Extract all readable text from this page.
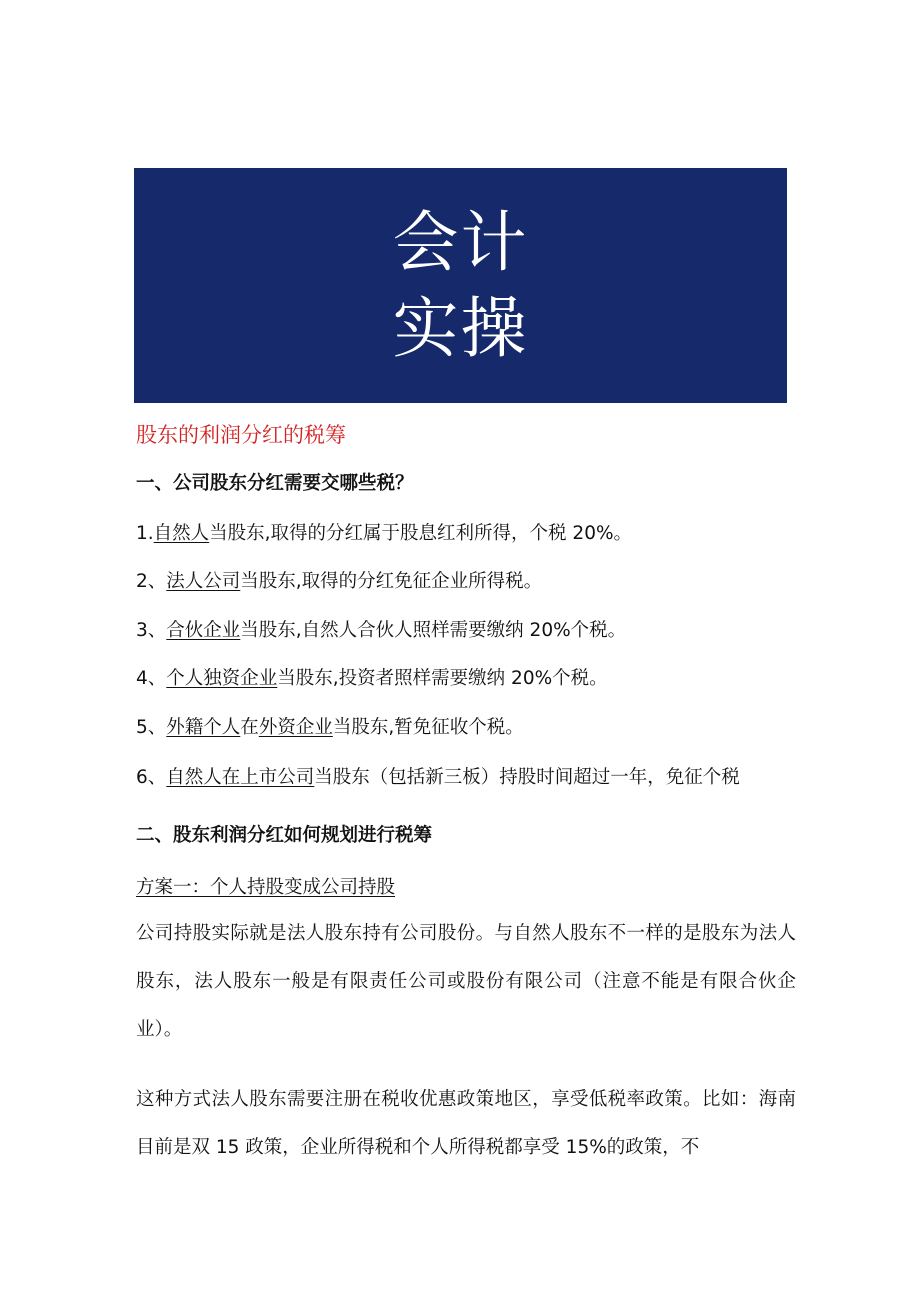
会计
实操
股东的利润分红的税筹
一、公司股东分红需要交哪些税？
1.自然人当股东,取得的分红属于股息红利所得，个税 20%。
2、法人公司当股东,取得的分红免征企业所得税。
3、合伙企业当股东,自然人合伙人照样需要缴纳 20%个税。
4、个人独资企业当股东,投资者照样需要缴纳 20%个税。
5、外籍个人在外资企业当股东,暂免征收个税。
6、自然人在上市公司当股东（包括新三板）持股时间超过一年，免征个税
二、股东利润分红如何规划进行税筹
方案一：个人持股变成公司持股
公司持股实际就是法人股东持有公司股份。与自然人股东不一样的是股东为法人股东，法人股东一般是有限责任公司或股份有限公司（注意不能是有限合伙企业）。
这种方式法人股东需要注册在税收优惠政策地区，享受低税率政策。比如：海南目前是双 15 政策，企业所得税和个人所得税都享受 15%的政策，不
